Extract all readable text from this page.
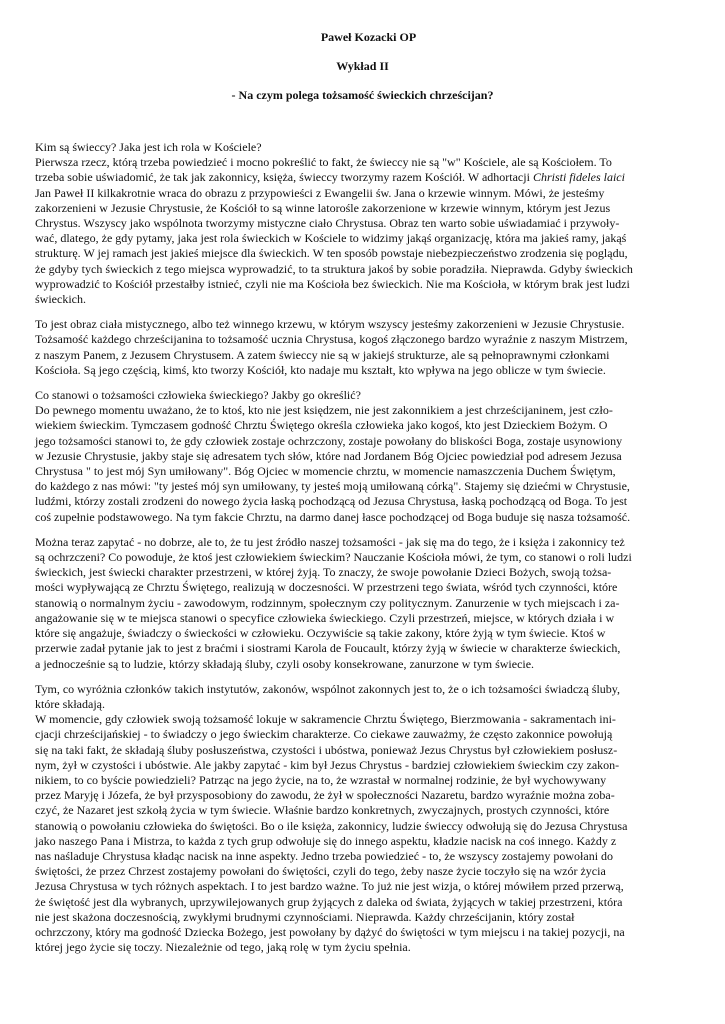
Paweł Kozacki OP

Wykład II

- Na czym polega tożsamość świeckich chrześcijan?

Kim są świeccy? Jaka jest ich rola w Kościele?
Pierwsza rzecz, którą trzeba powiedzieć i mocno pokreślić to fakt, że świeccy nie są "w" Kościele, ale są Kościołem. To
trzeba sobie uświadomić, że tak jak zakonnicy, księża, świeccy tworzymy razem Kościół. W adhortacji Christi fideles laici
Jan Paweł II kilkakrotnie wraca do obrazu z przypowieści z Ewangelii św. Jana o krzewie winnym. Mówi, że jesteśmy
zakorzenieni w Jezusie Chrystusie, że Kościół to są winne latorośle zakorzenione w krzewie winnym, którym jest Jezus
Chrystus. Wszyscy jako wspólnota tworzymy mistyczne ciało Chrystusa. Obraz ten warto sobie uświadamiać i przywoły-
wać, dlatego, że gdy pytamy, jaka jest rola świeckich w Kościele to widzimy jakąś organizację, która ma jakieś ramy, jakąś
strukturę. W jej ramach jest jakieś miejsce dla świeckich. W ten sposób powstaje niebezpieczeństwo zrodzenia się poglądu,
że gdyby tych świeckich z tego miejsca wyprowadzić, to ta struktura jakoś by sobie poradziła. Nieprawda. Gdyby świeckich
wyprowadzić to Kościół przestałby istnieć, czyli nie ma Kościoła bez świeckich. Nie ma Kościoła, w którym brak jest ludzi
świeckich.

To jest obraz ciała mistycznego, albo też winnego krzewu, w którym wszyscy jesteśmy zakorzenieni w Jezusie Chrystusie.
Tożsamość każdego chrześcijanina to tożsamość ucznia Chrystusa, kogoś złączonego bardzo wyraźnie z naszym Mistrzem,
z naszym Panem, z Jezusem Chrystusem. A zatem świeccy nie są w jakiejś strukturze, ale są pełnoprawnymi członkami
Kościoła. Są jego częścią, kimś, kto tworzy Kościół, kto nadaje mu kształt, kto wpływa na jego oblicze w tym świecie.

Co stanowi o tożsamości człowieka świeckiego? Jakby go określić?
Do pewnego momentu uważano, że to ktoś, kto nie jest księdzem, nie jest zakonnikiem a jest chrześcijaninem, jest czło-
wiekiem świeckim. Tymczasem godność Chrztu Świętego określa człowieka jako kogoś, kto jest Dzieckiem Bożym. O
jego tożsamości stanowi to, że gdy człowiek zostaje ochrzczony, zostaje powołany do bliskości Boga, zostaje usynowiony
w Jezusie Chrystusie, jakby staje się adresatem tych słów, które nad Jordanem Bóg Ojciec powiedział pod adresem Jezusa
Chrystusa " to jest mój Syn umiłowany". Bóg Ojciec w momencie chrztu, w momencie namaszczenia Duchem Świętym,
do każdego z nas mówi: "ty jesteś mój syn umiłowany, ty jesteś moją umiłowaną córką". Stajemy się dziećmi w Chrystusie,
ludźmi, którzy zostali zrodzeni do nowego życia łaską pochodzącą od Jezusa Chrystusa, łaską pochodzącą od Boga. To jest
coś zupełnie podstawowego. Na tym fakcie Chrztu, na darmo danej łasce pochodzącej od Boga buduje się nasza tożsamość.

Można teraz zapytać - no dobrze, ale to, że tu jest źródło naszej tożsamości - jak się ma do tego, że i księża i zakonnicy też
są ochrzczeni? Co powoduje, że ktoś jest człowiekiem świeckim? Nauczanie Kościoła mówi, że tym, co stanowi o roli ludzi
świeckich, jest świecki charakter przestrzeni, w której żyją. To znaczy, że swoje powołanie Dzieci Bożych, swoją tożsa-
mości wypływającą ze Chrztu Świętego, realizują w doczesności. W przestrzeni tego świata, wśród tych czynności, które
stanowią o normalnym życiu - zawodowym, rodzinnym, społecznym czy politycznym. Zanurzenie w tych miejscach i za-
angażowanie się w te miejsca stanowi o specyfice człowieka świeckiego. Czyli przestrzeń, miejsce, w których działa i w
które się angażuje, świadczy o świeckości w człowieku. Oczywiście są takie zakony, które żyją w tym świecie. Ktoś w
przerwie zadał pytanie jak to jest z braćmi i siostrami Karola de Foucault, którzy żyją w świecie w charakterze świeckich,
a jednocześnie są to ludzie, którzy składają śluby, czyli osoby konsekrowane, zanurzone w tym świecie.

Tym, co wyróżnia członków takich instytutów, zakonów, wspólnot zakonnych jest to, że o ich tożsamości świadczą śluby,
które składają.
W momencie, gdy człowiek swoją tożsamość lokuje w sakramencie Chrztu Świętego, Bierzmowania - sakramentach ini-
cjacji chrześcijańskiej - to świadczy o jego świeckim charakterze. Co ciekawe zauważmy, że często zakonnice powołują
się na taki fakt, że składają śluby posłuszeństwa, czystości i ubóstwa, ponieważ Jezus Chrystus był człowiekiem posłusz-
nym, żył w czystości i ubóstwie. Ale jakby zapytać - kim był Jezus Chrystus - bardziej człowiekiem świeckim czy zakon-
nikiem, to co byście powiedzieli? Patrząc na jego życie, na to, że wzrastał w normalnej rodzinie, że był wychowywany
przez Maryję i Józefa, że był przysposobiony do zawodu, że żył w społeczności Nazaretu, bardzo wyraźnie można zoba-
czyć, że Nazaret jest szkołą życia w tym świecie. Właśnie bardzo konkretnych, zwyczajnych, prostych czynności, które
stanowią o powołaniu człowieka do świętości. Bo o ile księża, zakonnicy, ludzie świeccy odwołują się do Jezusa Chrystusa
jako naszego Pana i Mistrza, to każda z tych grup odwołuje się do innego aspektu, kładzie nacisk na coś innego. Każdy z
nas naśladuje Chrystusa kładąc nacisk na inne aspekty. Jedno trzeba powiedzieć - to, że wszyscy zostajemy powołani do
świętości, że przez Chrzest zostajemy powołani do świętości, czyli do tego, żeby nasze życie toczyło się na wzór życia
Jezusa Chrystusa w tych różnych aspektach. I to jest bardzo ważne. To już nie jest wizja, o której mówiłem przed przerwą,
że świętość jest dla wybranych, uprzywilejowanych grup żyjących z daleka od świata, żyjących w takiej przestrzeni, która
nie jest skażona doczesnością, zwykłymi brudnymi czynnościami. Nieprawda. Każdy chrześcijanin, który został
ochrzczony, który ma godność Dziecka Bożego, jest powołany by dążyć do świętości w tym miejscu i na takiej pozycji, na
której jego życie się toczy. Niezależnie od tego, jaką rolę w tym życiu spełnia.
